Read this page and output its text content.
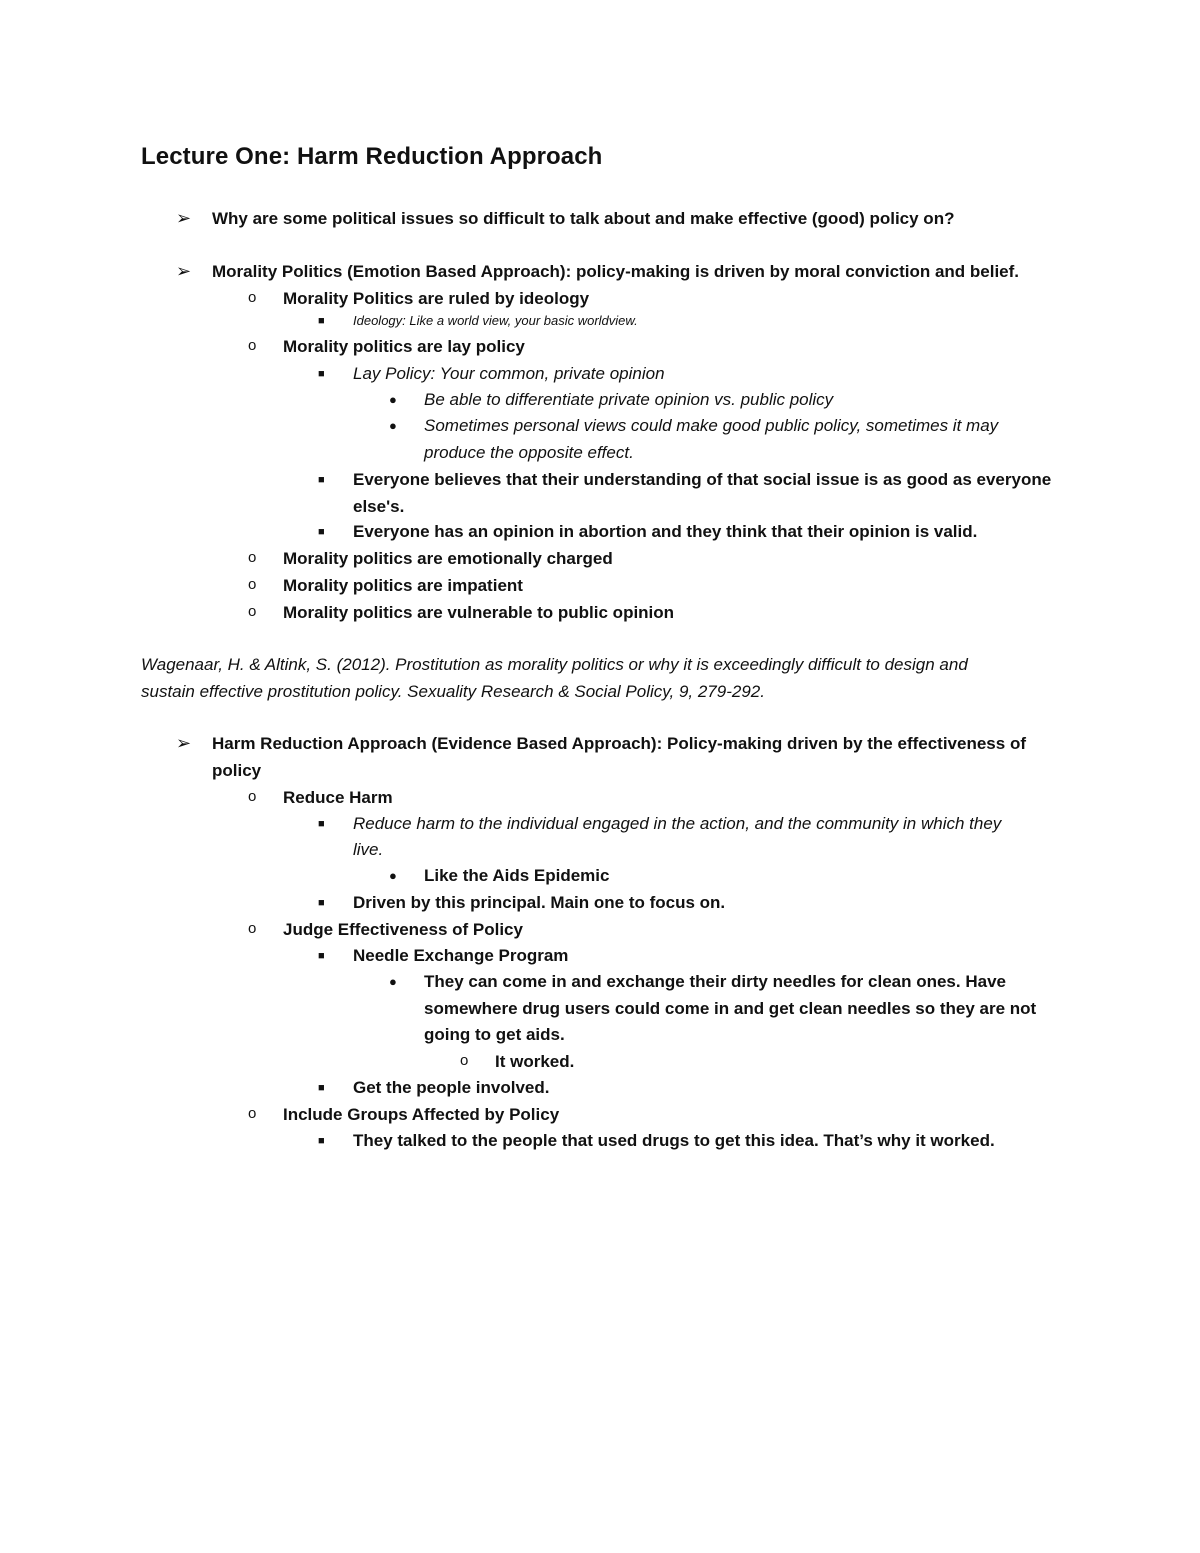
Lecture One: Harm Reduction Approach
➢ Why are some political issues so difficult to talk about and make effective (good) policy on?
➢ Morality Politics (Emotion Based Approach): policy-making is driven by moral conviction and belief.
o Morality Politics are ruled by ideology
■ Ideology: Like a world view, your basic worldview.
o Morality politics are lay policy
■ Lay Policy: Your common, private opinion
● Be able to differentiate private opinion vs. public policy
● Sometimes personal views could make good public policy, sometimes it may
produce the opposite effect.
■ Everyone believes that their understanding of that social issue is as good as everyone
else's.
■ Everyone has an opinion in abortion and they think that their opinion is valid.
o Morality politics are emotionally charged
o Morality politics are impatient
o Morality politics are vulnerable to public opinion
Wagenaar, H. & Altink, S. (2012). Prostitution as morality politics or why it is exceedingly difficult to design and
sustain effective prostitution policy. Sexuality Research & Social Policy, 9, 279-292.
➢ Harm Reduction Approach (Evidence Based Approach): Policy-making driven by the effectiveness of
policy
o Reduce Harm
■ Reduce harm to the individual engaged in the action, and the community in which they
live.
● Like the Aids Epidemic
■ Driven by this principal. Main one to focus on.
o Judge Effectiveness of Policy
■ Needle Exchange Program
● They can come in and exchange their dirty needles for clean ones. Have
somewhere drug users could come in and get clean needles so they are not
going to get aids.
o It worked.
■ Get the people involved.
o Include Groups Affected by Policy
■ They talked to the people that used drugs to get this idea. That’s why it worked.
